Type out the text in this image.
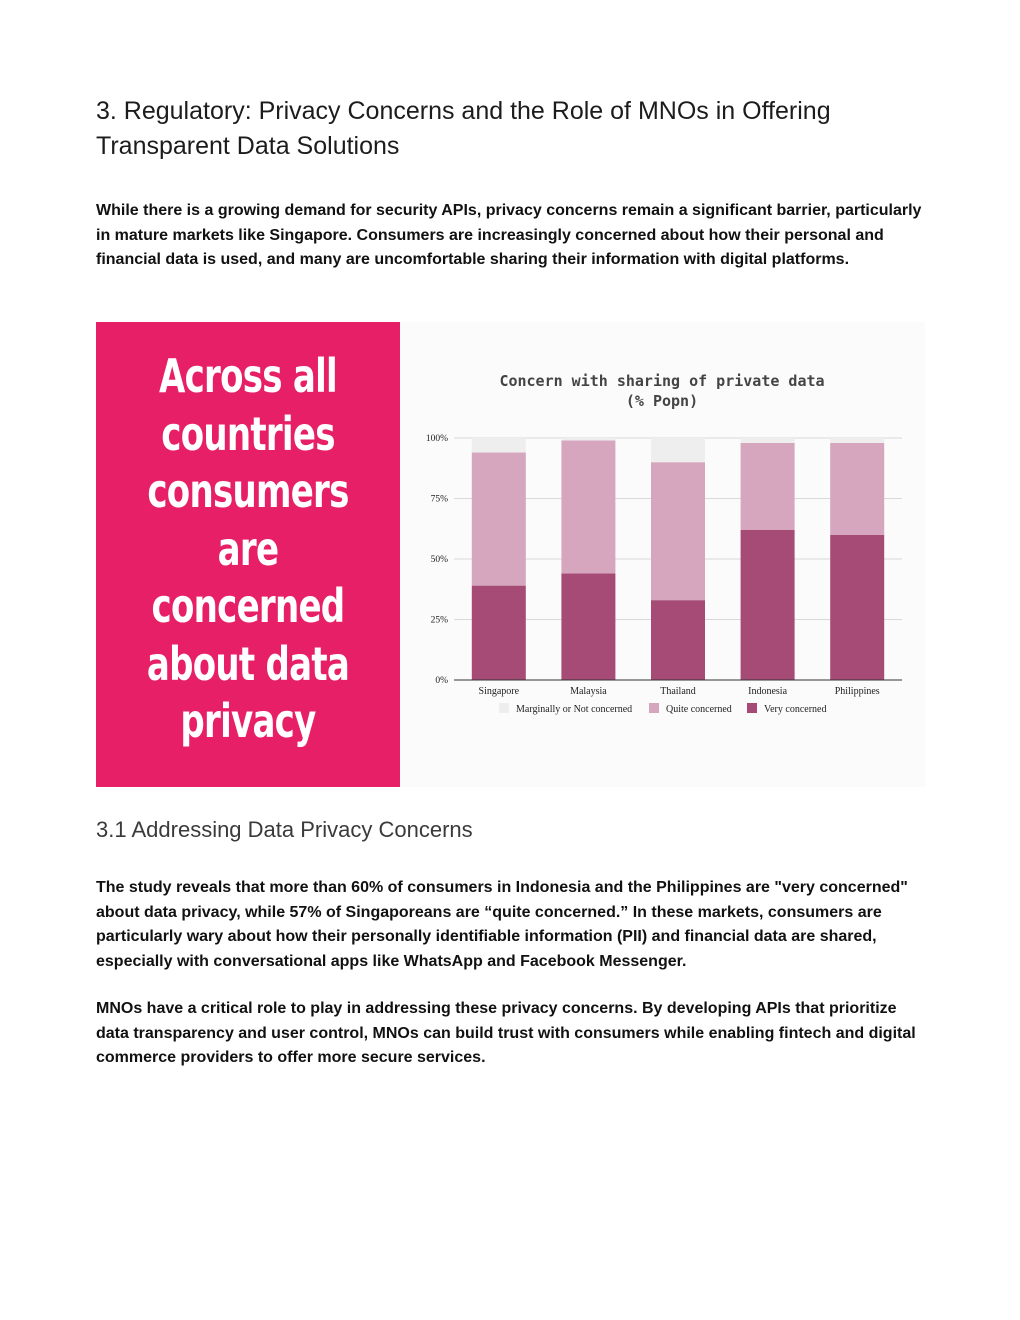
3. Regulatory: Privacy Concerns and the Role of MNOs in Offering Transparent Data Solutions

While there is a growing demand for security APIs, privacy concerns remain a significant barrier, particularly in mature markets like Singapore. Consumers are increasingly concerned about how their personal and financial data is used, and many are uncomfortable sharing their information with digital platforms.

Across all countries consumers are concerned about data privacy
0%
25%
50%
75%
100%
Singapore	Malaysia	Thailand	Indonesia	Philippines
Concern with sharing of private data
(% Popn)
Marginally or Not concerned	Quite concerned	Very concerned
3.1 Addressing Data Privacy Concerns

The study reveals that more than 60% of consumers in Indonesia and the Philippines are "very concerned" about data privacy, while 57% of Singaporeans are “quite concerned.” In these markets, consumers are particularly wary about how their personally identifiable information (PII) and financial data are shared, especially with conversational apps like WhatsApp and Facebook Messenger.

MNOs have a critical role to play in addressing these privacy concerns. By developing APIs that prioritize data transparency and user control, MNOs can build trust with consumers while enabling fintech and digital commerce providers to offer more secure services.
